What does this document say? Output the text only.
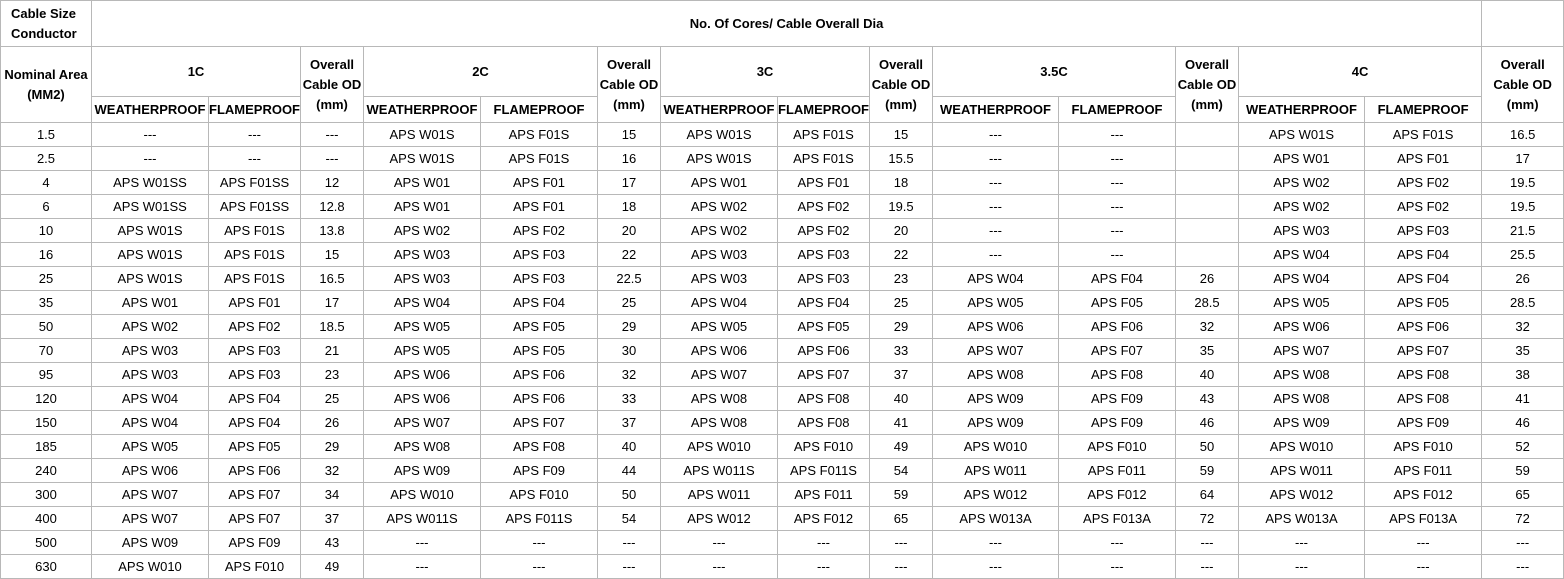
Cable Size Conductor	No. Of Cores/ Cable Overall Dia														
Nominal Area (MM2)	1C		Overall Cable OD (mm)	2C		Overall Cable OD (mm)	3C		Overall Cable OD (mm)	3.5C		Overall Cable OD (mm)	4C		Overall Cable OD (mm)
	WEATHERPROOF	FLAMEPROOF		WEATHERPROOF	FLAMEPROOF		WEATHERPROOF	FLAMEPROOF		WEATHERPROOF	FLAMEPROOF		WEATHERPROOF	FLAMEPROOF	
1.5	---	---	---	APS W01S	APS F01S	15	APS W01S	APS F01S	15	---	---		APS W01S	APS F01S	16.5
2.5	---	---	---	APS W01S	APS F01S	16	APS W01S	APS F01S	15.5	---	---		APS W01	APS F01	17
4	APS W01SS	APS F01SS	12	APS W01	APS F01	17	APS W01	APS F01	18	---	---		APS W02	APS F02	19.5
6	APS W01SS	APS F01SS	12.8	APS W01	APS F01	18	APS W02	APS F02	19.5	---	---		APS W02	APS F02	19.5
10	APS W01S	APS F01S	13.8	APS W02	APS F02	20	APS W02	APS F02	20	---	---		APS W03	APS F03	21.5
16	APS W01S	APS F01S	15	APS W03	APS F03	22	APS W03	APS F03	22	---	---		APS W04	APS F04	25.5
25	APS W01S	APS F01S	16.5	APS W03	APS F03	22.5	APS W03	APS F03	23	APS W04	APS F04	26	APS W04	APS F04	26
35	APS W01	APS F01	17	APS W04	APS F04	25	APS W04	APS F04	25	APS W05	APS F05	28.5	APS W05	APS F05	28.5
50	APS W02	APS F02	18.5	APS W05	APS F05	29	APS W05	APS F05	29	APS W06	APS F06	32	APS W06	APS F06	32
70	APS W03	APS F03	21	APS W05	APS F05	30	APS W06	APS F06	33	APS W07	APS F07	35	APS W07	APS F07	35
95	APS W03	APS F03	23	APS W06	APS F06	32	APS W07	APS F07	37	APS W08	APS F08	40	APS W08	APS F08	38
120	APS W04	APS F04	25	APS W06	APS F06	33	APS W08	APS F08	40	APS W09	APS F09	43	APS W08	APS F08	41
150	APS W04	APS F04	26	APS W07	APS F07	37	APS W08	APS F08	41	APS W09	APS F09	46	APS W09	APS F09	46
185	APS W05	APS F05	29	APS W08	APS F08	40	APS W010	APS F010	49	APS W010	APS F010	50	APS W010	APS F010	52
240	APS W06	APS F06	32	APS W09	APS F09	44	APS W011S	APS F011S	54	APS W011	APS F011	59	APS W011	APS F011	59
300	APS W07	APS F07	34	APS W010	APS F010	50	APS W011	APS F011	59	APS W012	APS F012	64	APS W012	APS F012	65
400	APS W07	APS F07	37	APS W011S	APS F011S	54	APS W012	APS F012	65	APS W013A	APS F013A	72	APS W013A	APS F013A	72
500	APS W09	APS F09	43	---	---	---	---	---	---	---	---	---	---	---	---
630	APS W010	APS F010	49	---	---	---	---	---	---	---	---	---	---	---	---
